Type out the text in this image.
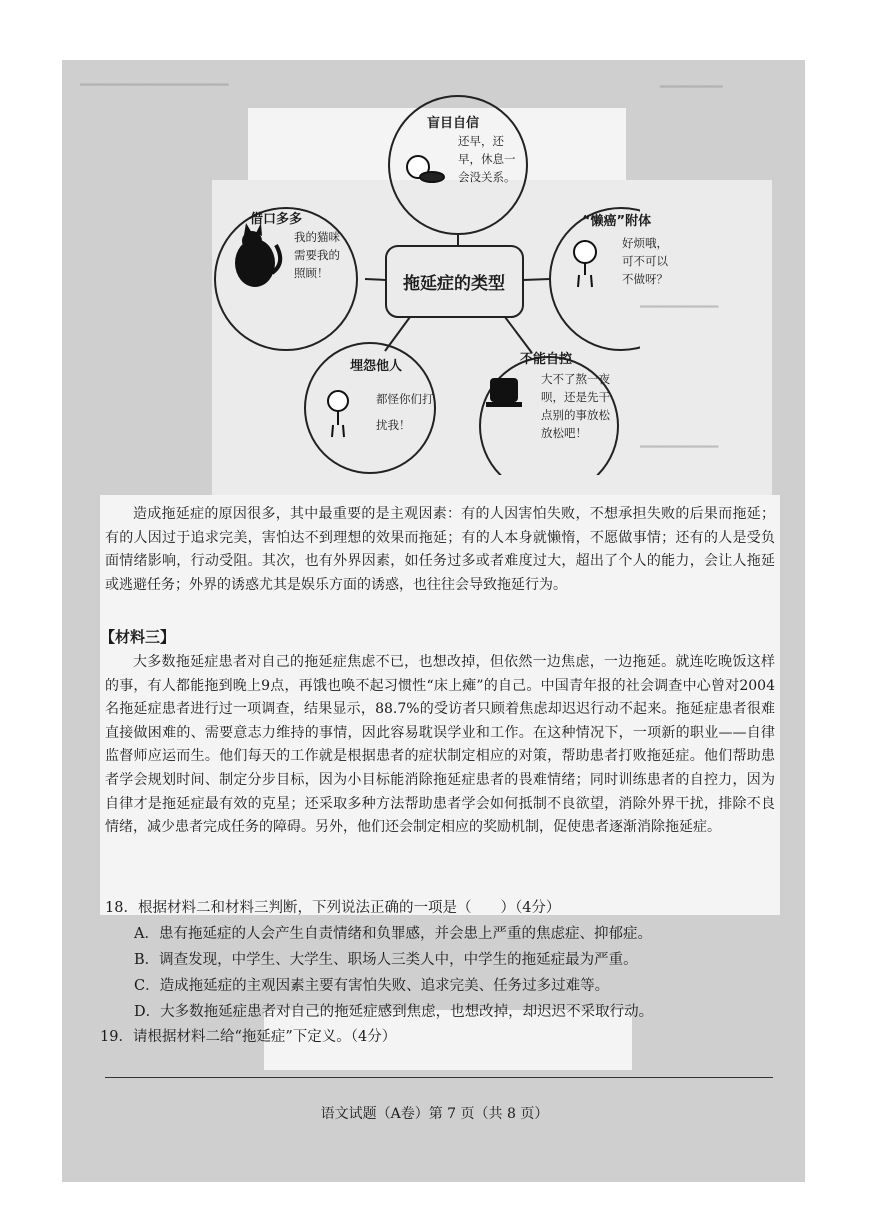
━━━━━━━━━━━━━━━━━━━	━━━━━━━━
━━━━━━━━━━
━━━━━━━━━━
盲目自信
还早，还早，休息一会没关系。
借口多多
我的猫咪需要我的照顾！
“懒癌”附体
好烦哦，可不可以不做呀？
埋怨他人
都怪你们打扰我！
不能自控
大不了熬一夜呗，还是先干点别的事放松放松吧！
拖延症的类型
造成拖延症的原因很多，其中最重要的是主观因素：有的人因害怕失败，不想承担失败的后果而拖延；有的人因过于追求完美，害怕达不到理想的效果而拖延；有的人本身就懒惰，不愿做事情；还有的人是受负面情绪影响，行动受阻。其次，也有外界因素，如任务过多或者难度过大，超出了个人的能力，会让人拖延或逃避任务；外界的诱惑尤其是娱乐方面的诱惑，也往往会导致拖延行为。
【材料三】
大多数拖延症患者对自己的拖延症焦虑不已，也想改掉，但依然一边焦虑，一边拖延。就连吃晚饭这样的事，有人都能拖到晚上9点，再饿也唤不起习惯性“床上瘫”的自己。中国青年报的社会调查中心曾对2004名拖延症患者进行过一项调查，结果显示，88.7%的受访者只顾着焦虑却迟迟行动不起来。拖延症患者很难直接做困难的、需要意志力维持的事情，因此容易耽误学业和工作。在这种情况下，一项新的职业——自律监督师应运而生。他们每天的工作就是根据患者的症状制定相应的对策，帮助患者打败拖延症。他们帮助患者学会规划时间、制定分步目标，因为小目标能消除拖延症患者的畏难情绪；同时训练患者的自控力，因为自律才是拖延症最有效的克星；还采取多种方法帮助患者学会如何抵制不良欲望，消除外界干扰，排除不良情绪，减少患者完成任务的障碍。另外，他们还会制定相应的奖励机制，促使患者逐渐消除拖延症。
18．根据材料二和材料三判断，下列说法正确的一项是（　　）（4分）
A．患有拖延症的人会产生自责情绪和负罪感，并会患上严重的焦虑症、抑郁症。
B．调查发现，中学生、大学生、职场人三类人中，中学生的拖延症最为严重。
C．造成拖延症的主观因素主要有害怕失败、追求完美、任务过多过难等。
D．大多数拖延症患者对自己的拖延症感到焦虑，也想改掉，却迟迟不采取行动。
19．请根据材料二给“拖延症”下定义。（4分）
语文试题（A卷）第 7 页（共 8 页）
